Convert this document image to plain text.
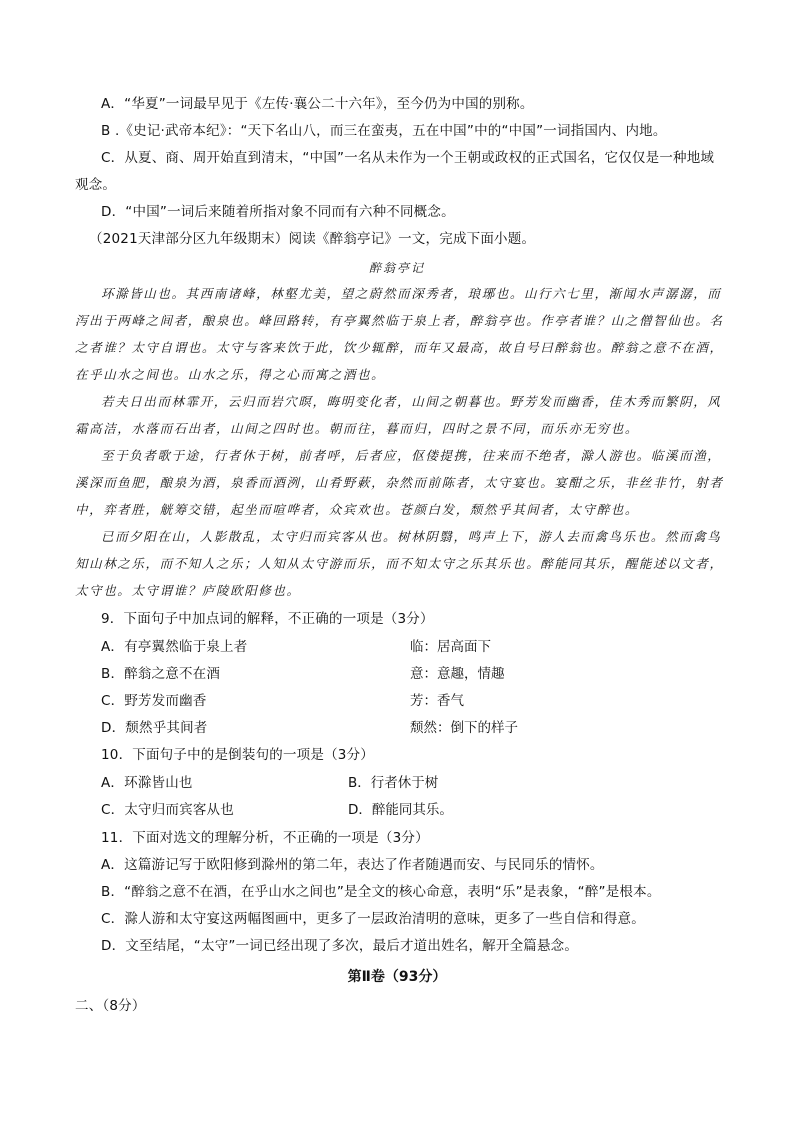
A．“华夏”一词最早见于《左传·襄公二十六年》，至今仍为中国的别称。
B .《史记·武帝本纪》：“天下名山八，而三在蛮夷，五在中国”中的“中国”一词指国内、内地。
C．从夏、商、周开始直到清末，“中国”一名从未作为一个王朝或政权的正式国名，它仅仅是一种地域
观念。
D．“中国”一词后来随着所指对象不同而有六种不同概念。
（2021天津部分区九年级期末）阅读《醉翁亭记》一文，完成下面小题。
醉翁亭记
环滁皆山也。其西南诸峰，林壑尤美，望之蔚然而深秀者，琅琊也。山行六七里，渐闻水声潺潺，而
泻出于两峰之间者，酿泉也。峰回路转，有亭翼然临于泉上者，醉翁亭也。作亭者谁？山之僧智仙也。名
之者谁？太守自谓也。太守与客来饮于此，饮少辄醉，而年又最高，故自号曰醉翁也。醉翁之意不在酒，
在乎山水之间也。山水之乐，得之心而寓之酒也。
若夫日出而林霏开，云归而岩穴暝，晦明变化者，山间之朝暮也。野芳发而幽香，佳木秀而繁阴，风
霜高洁，水落而石出者，山间之四时也。朝而往，暮而归，四时之景不同，而乐亦无穷也。
至于负者歌于途，行者休于树，前者呼，后者应，伛偻提携，往来而不绝者，滁人游也。临溪而渔，
溪深而鱼肥，酿泉为酒，泉香而酒洌，山肴野蔌，杂然而前陈者，太守宴也。宴酣之乐，非丝非竹，射者
中，弈者胜，觥筹交错，起坐而喧哗者，众宾欢也。苍颜白发，颓然乎其间者，太守醉也。
已而夕阳在山，人影散乱，太守归而宾客从也。树林阴翳，鸣声上下，游人去而禽鸟乐也。然而禽鸟
知山林之乐，而不知人之乐；人知从太守游而乐，而不知太守之乐其乐也。醉能同其乐，醒能述以文者，
太守也。太守谓谁？庐陵欧阳修也。
9．下面句子中加点词的解释，不正确的一项是（3分）
A．有亭翼然临于泉上者	临：居高面下
B．醉翁之意不在酒	意：意趣，情趣
C．野芳发而幽香	芳：香气
D．颓然乎其间者	颓然：倒下的样子
10．下面句子中的是倒装句的一项是（3分）
A．环滁皆山也	B．行者休于树
C．太守归而宾客从也	D．醉能同其乐。
11．下面对选文的理解分析，不正确的一项是（3分）
A．这篇游记写于欧阳修到滁州的第二年，表达了作者随遇而安、与民同乐的情怀。
B．“醉翁之意不在酒，在乎山水之间也”是全文的核心命意，表明“乐”是表象，“醉”是根本。
C．滁人游和太守宴这两幅图画中，更多了一层政治清明的意味，更多了一些自信和得意。
D．文至结尾，“太守”一词已经出现了多次，最后才道出姓名，解开全篇悬念。
第Ⅱ卷（93分）
二、（8分）
